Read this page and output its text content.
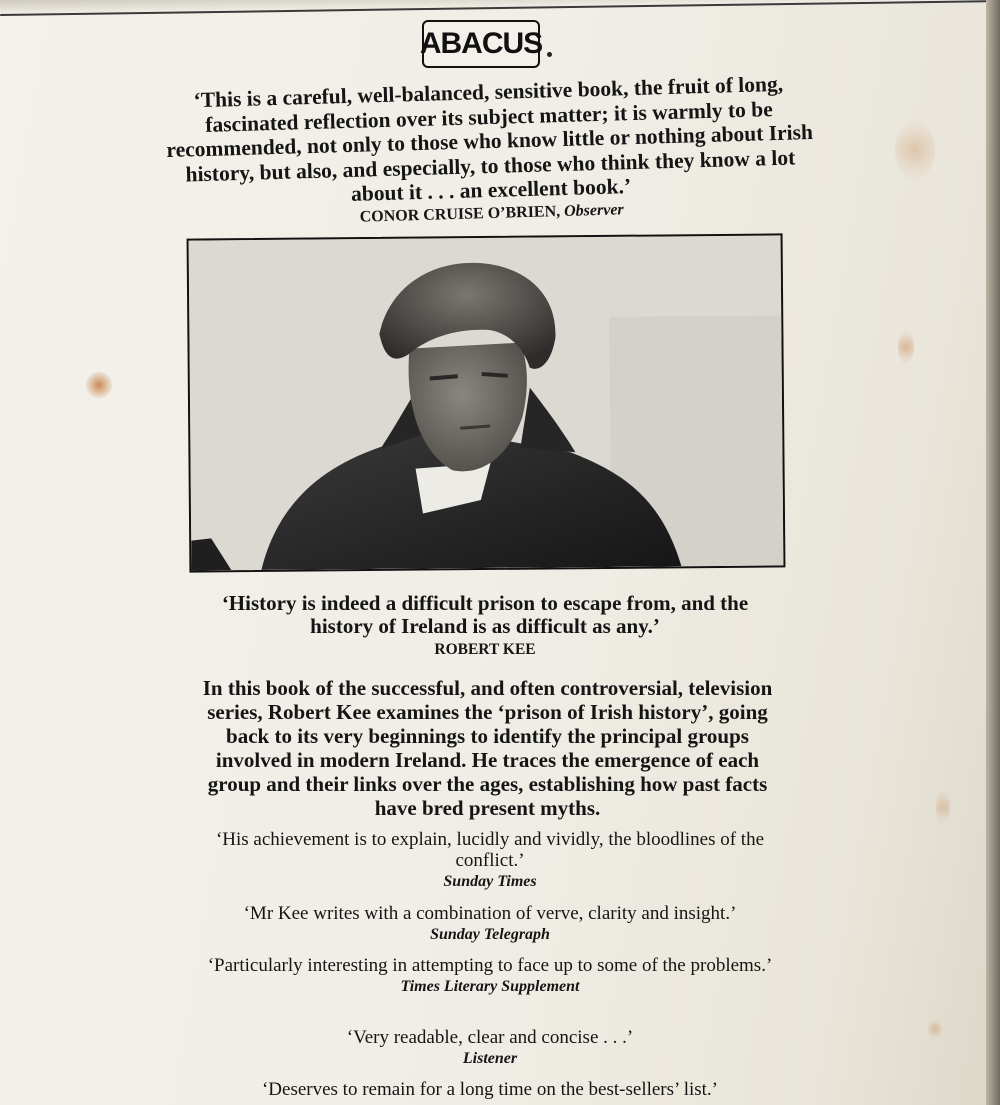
ABACUS
‘This is a careful, well-balanced, sensitive book, the fruit of long, fascinated reflection over its subject matter; it is warmly to be recommended, not only to those who know little or nothing about Irish history, but also, and especially, to those who think they know a lot about it . . . an excellent book.’
CONOR CRUISE O’BRIEN, Observer
‘History is indeed a difficult prison to escape from, and the history of Ireland is as difficult as any.’
ROBERT KEE
In this book of the successful, and often controversial, television series, Robert Kee examines the ‘prison of Irish history’, going back to its very beginnings to identify the principal groups involved in modern Ireland. He traces the emergence of each group and their links over the ages, establishing how past facts have bred present myths.
‘His achievement is to explain, lucidly and vividly, the bloodlines of the conflict.’
Sunday Times
‘Mr Kee writes with a combination of verve, clarity and insight.’
Sunday Telegraph
‘Particularly interesting in attempting to face up to some of the problems.’
Times Literary Supplement
‘Very readable, clear and concise . . .’
Listener
‘Deserves to remain for a long time on the best-sellers’ list.’
